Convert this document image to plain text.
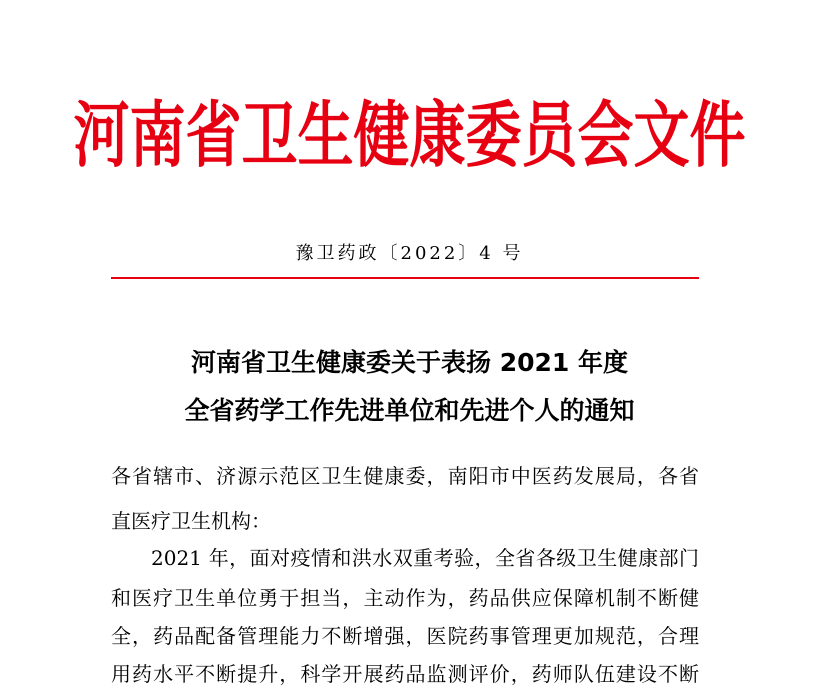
河南省卫生健康委员会文件
豫卫药政〔2022〕4 号
河南省卫生健康委关于表扬 2021 年度
全省药学工作先进单位和先进个人的通知
各省辖市、济源示范区卫生健康委，南阳市中医药发展局，各省
直医疗卫生机构：
2021 年，面对疫情和洪水双重考验，全省各级卫生健康部门
和医疗卫生单位勇于担当，主动作为，药品供应保障机制不断健
全，药品配备管理能力不断增强，医院药事管理更加规范，合理
用药水平不断提升，科学开展药品监测评价，药师队伍建设不断
